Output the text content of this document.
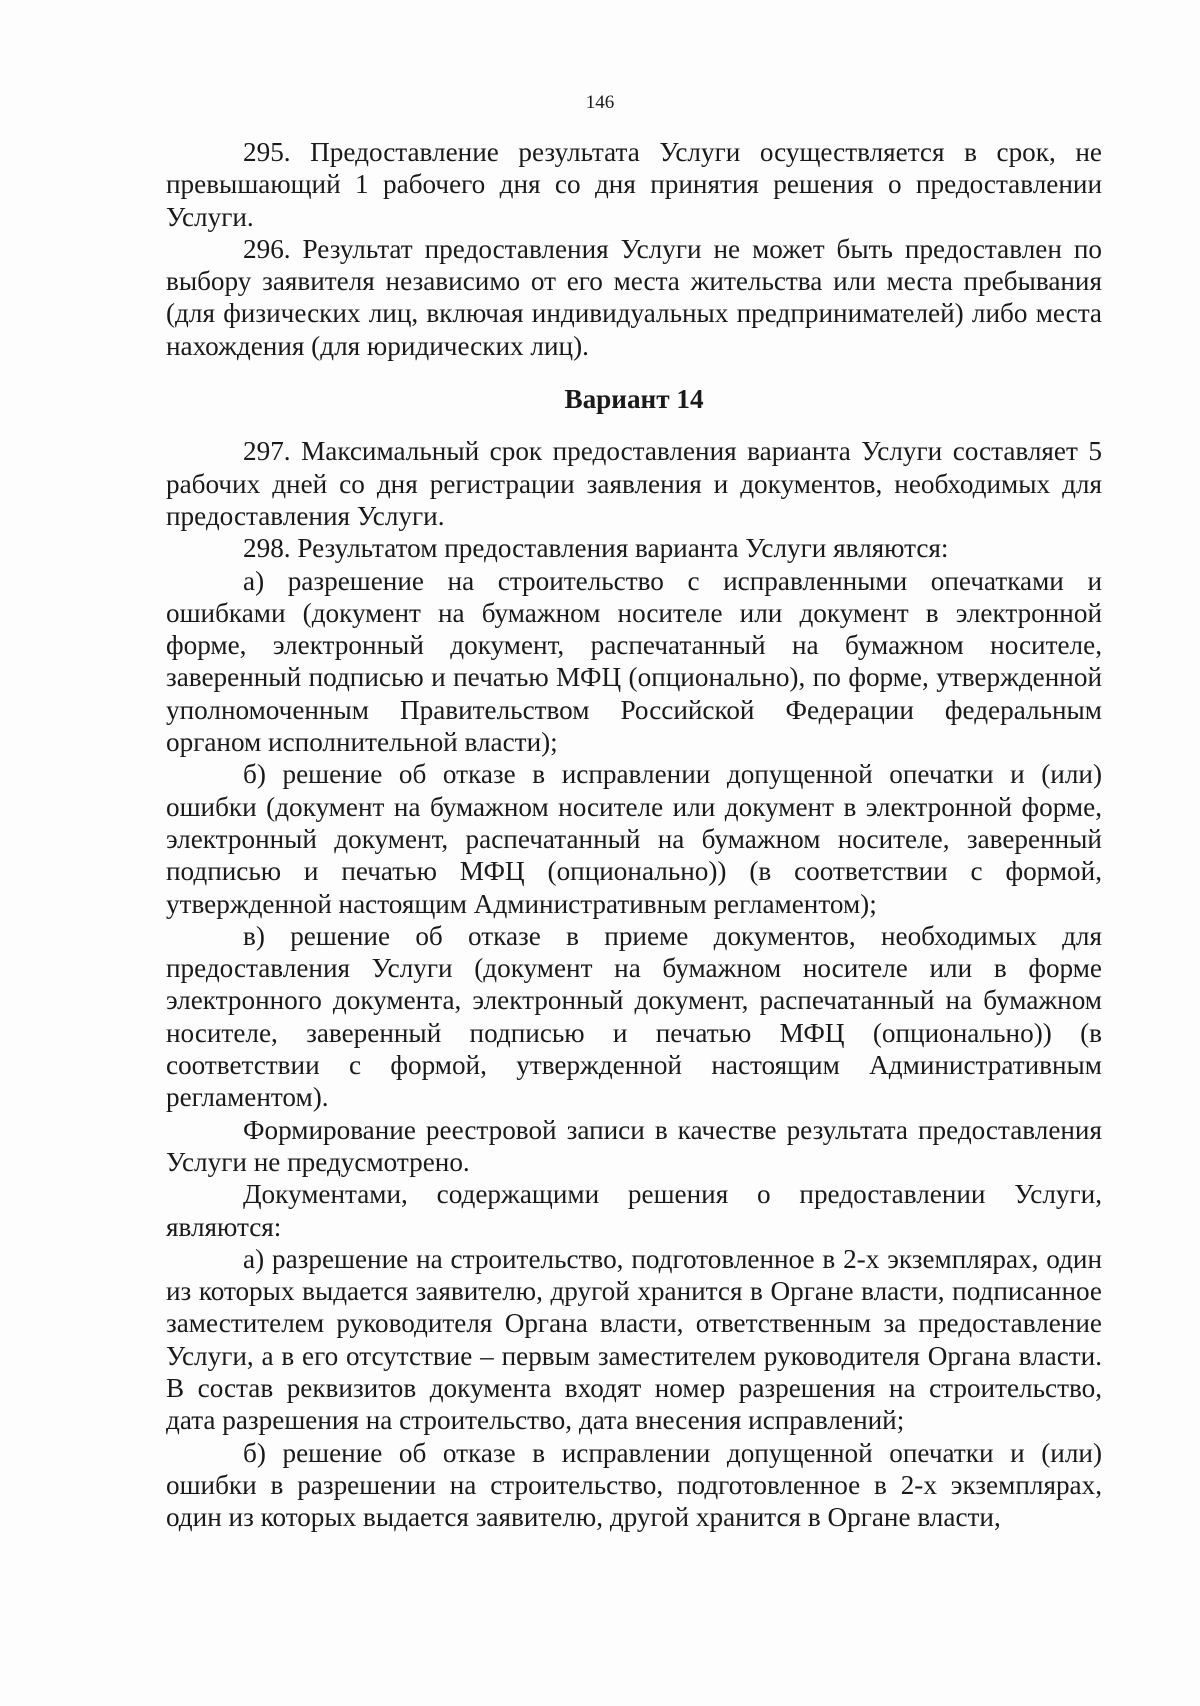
146

295. Предоставление результата Услуги осуществляется в срок, не превышающий 1 рабочего дня со дня принятия решения о предоставлении Услуги.

296. Результат предоставления Услуги не может быть предоставлен по выбору заявителя независимо от его места жительства или места пребывания (для физических лиц, включая индивидуальных предпринимателей) либо места нахождения (для юридических лиц).

Вариант 14

297. Максимальный срок предоставления варианта Услуги составляет 5 рабочих дней со дня регистрации заявления и документов, необходимых для предоставления Услуги.

298. Результатом предоставления варианта Услуги являются:

а) разрешение на строительство с исправленными опечатками и ошибками (документ на бумажном носителе или документ в электронной форме, электронный документ, распечатанный на бумажном носителе, заверенный подписью и печатью МФЦ (опционально), по форме, утвержденной уполномоченным Правительством Российской Федерации федеральным органом исполнительной власти);

б) решение об отказе в исправлении допущенной опечатки и (или) ошибки (документ на бумажном носителе или документ в электронной форме, электронный документ, распечатанный на бумажном носителе, заверенный подписью и печатью МФЦ (опционально)) (в соответствии с формой, утвержденной настоящим Административным регламентом);

в) решение об отказе в приеме документов, необходимых для предоставления Услуги (документ на бумажном носителе или в форме электронного документа, электронный документ, распечатанный на бумажном носителе, заверенный подписью и печатью МФЦ (опционально)) (в соответствии с формой, утвержденной настоящим Административным регламентом).

Формирование реестровой записи в качестве результата предоставления Услуги не предусмотрено.

Документами, содержащими решения о предоставлении Услуги, являются:

а) разрешение на строительство, подготовленное в 2-х экземплярах, один из которых выдается заявителю, другой хранится в Органе власти, подписанное заместителем руководителя Органа власти, ответственным за предоставление Услуги, а в его отсутствие – первым заместителем руководителя Органа власти. В состав реквизитов документа входят номер разрешения на строительство, дата разрешения на строительство, дата внесения исправлений;

б) решение об отказе в исправлении допущенной опечатки и (или) ошибки в разрешении на строительство, подготовленное в 2-х экземплярах, один из которых выдается заявителю, другой хранится в Органе власти,
